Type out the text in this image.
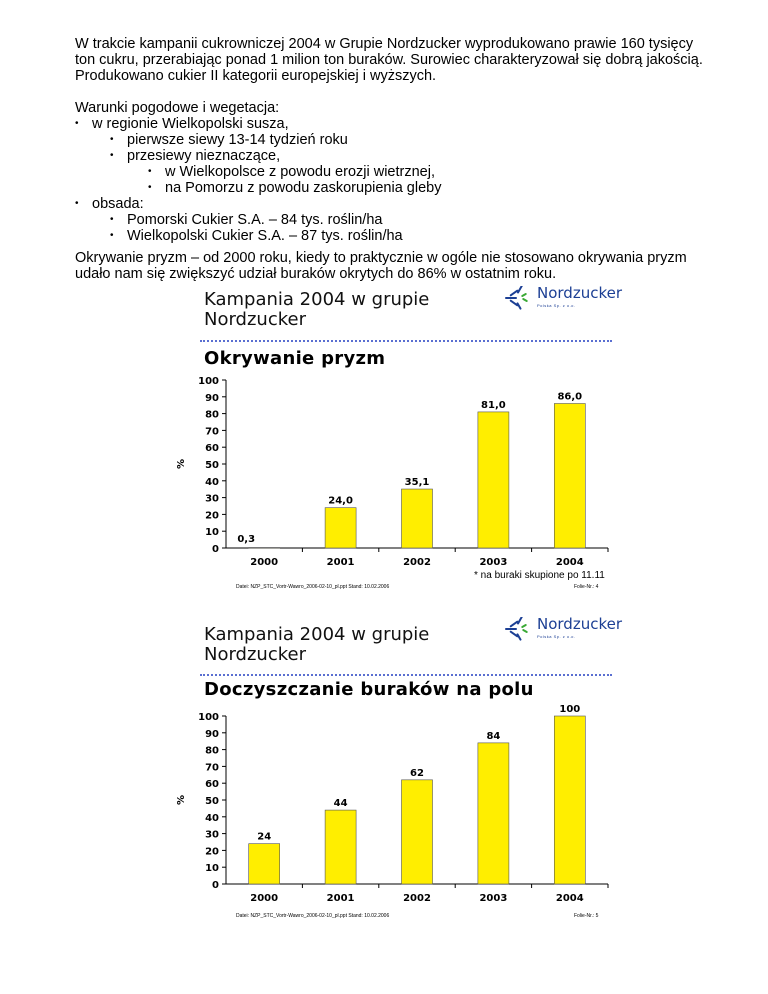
W trakcie kampanii cukrowniczej 2004 w Grupie Nordzucker wyprodukowano prawie 160 tysięcy ton cukru, przerabiając ponad 1 milion ton buraków. Surowiec charakteryzował się dobrą jakością. Produkowano cukier II kategorii europejskiej i wyższych.
Warunki pogodowe i wegetacja:
• w regionie Wielkopolski susza,
• pierwsze siewy 13-14 tydzień roku
• przesiewy nieznaczące,
• w Wielkopolsce z powodu erozji wietrznej,
• na Pomorzu z powodu zaskorupienia gleby
• obsada:
• Pomorski Cukier S.A. – 84 tys. roślin/ha
• Wielkopolski Cukier S.A. – 87 tys. roślin/ha
Okrywanie pryzm – od 2000 roku, kiedy to praktycznie w ogóle nie stosowano okrywania pryzm udało nam się zwiększyć udział buraków okrytych do 86% w ostatnim roku.
Kampania 2004 w grupie
Nordzucker
Nordzucker
Polska Sp. z o.o.
Okrywanie pryzm
0
10
20
30
40
50
60
70
80
90
100
%
0,3
2000
24,0
2001
35,1
2002
81,0
2003
86,0
2004
* na buraki skupione po 11.11
Datei: NZP_STC_Vortr-Wawro_2006-02-10_pl.ppt Stand: 10.02.2006	Folie-Nr.: 4
Kampania 2004 w grupie
Nordzucker
Nordzucker
Polska Sp. z o.o.
Doczyszczanie buraków na polu
0
10
20
30
40
50
60
70
80
90
100
%
24
2000
44
2001
62
2002
84
2003
100
2004
Datei: NZP_STC_Vortr-Wawro_2006-02-10_pl.ppt Stand: 10.02.2006	Folie-Nr.: 5
